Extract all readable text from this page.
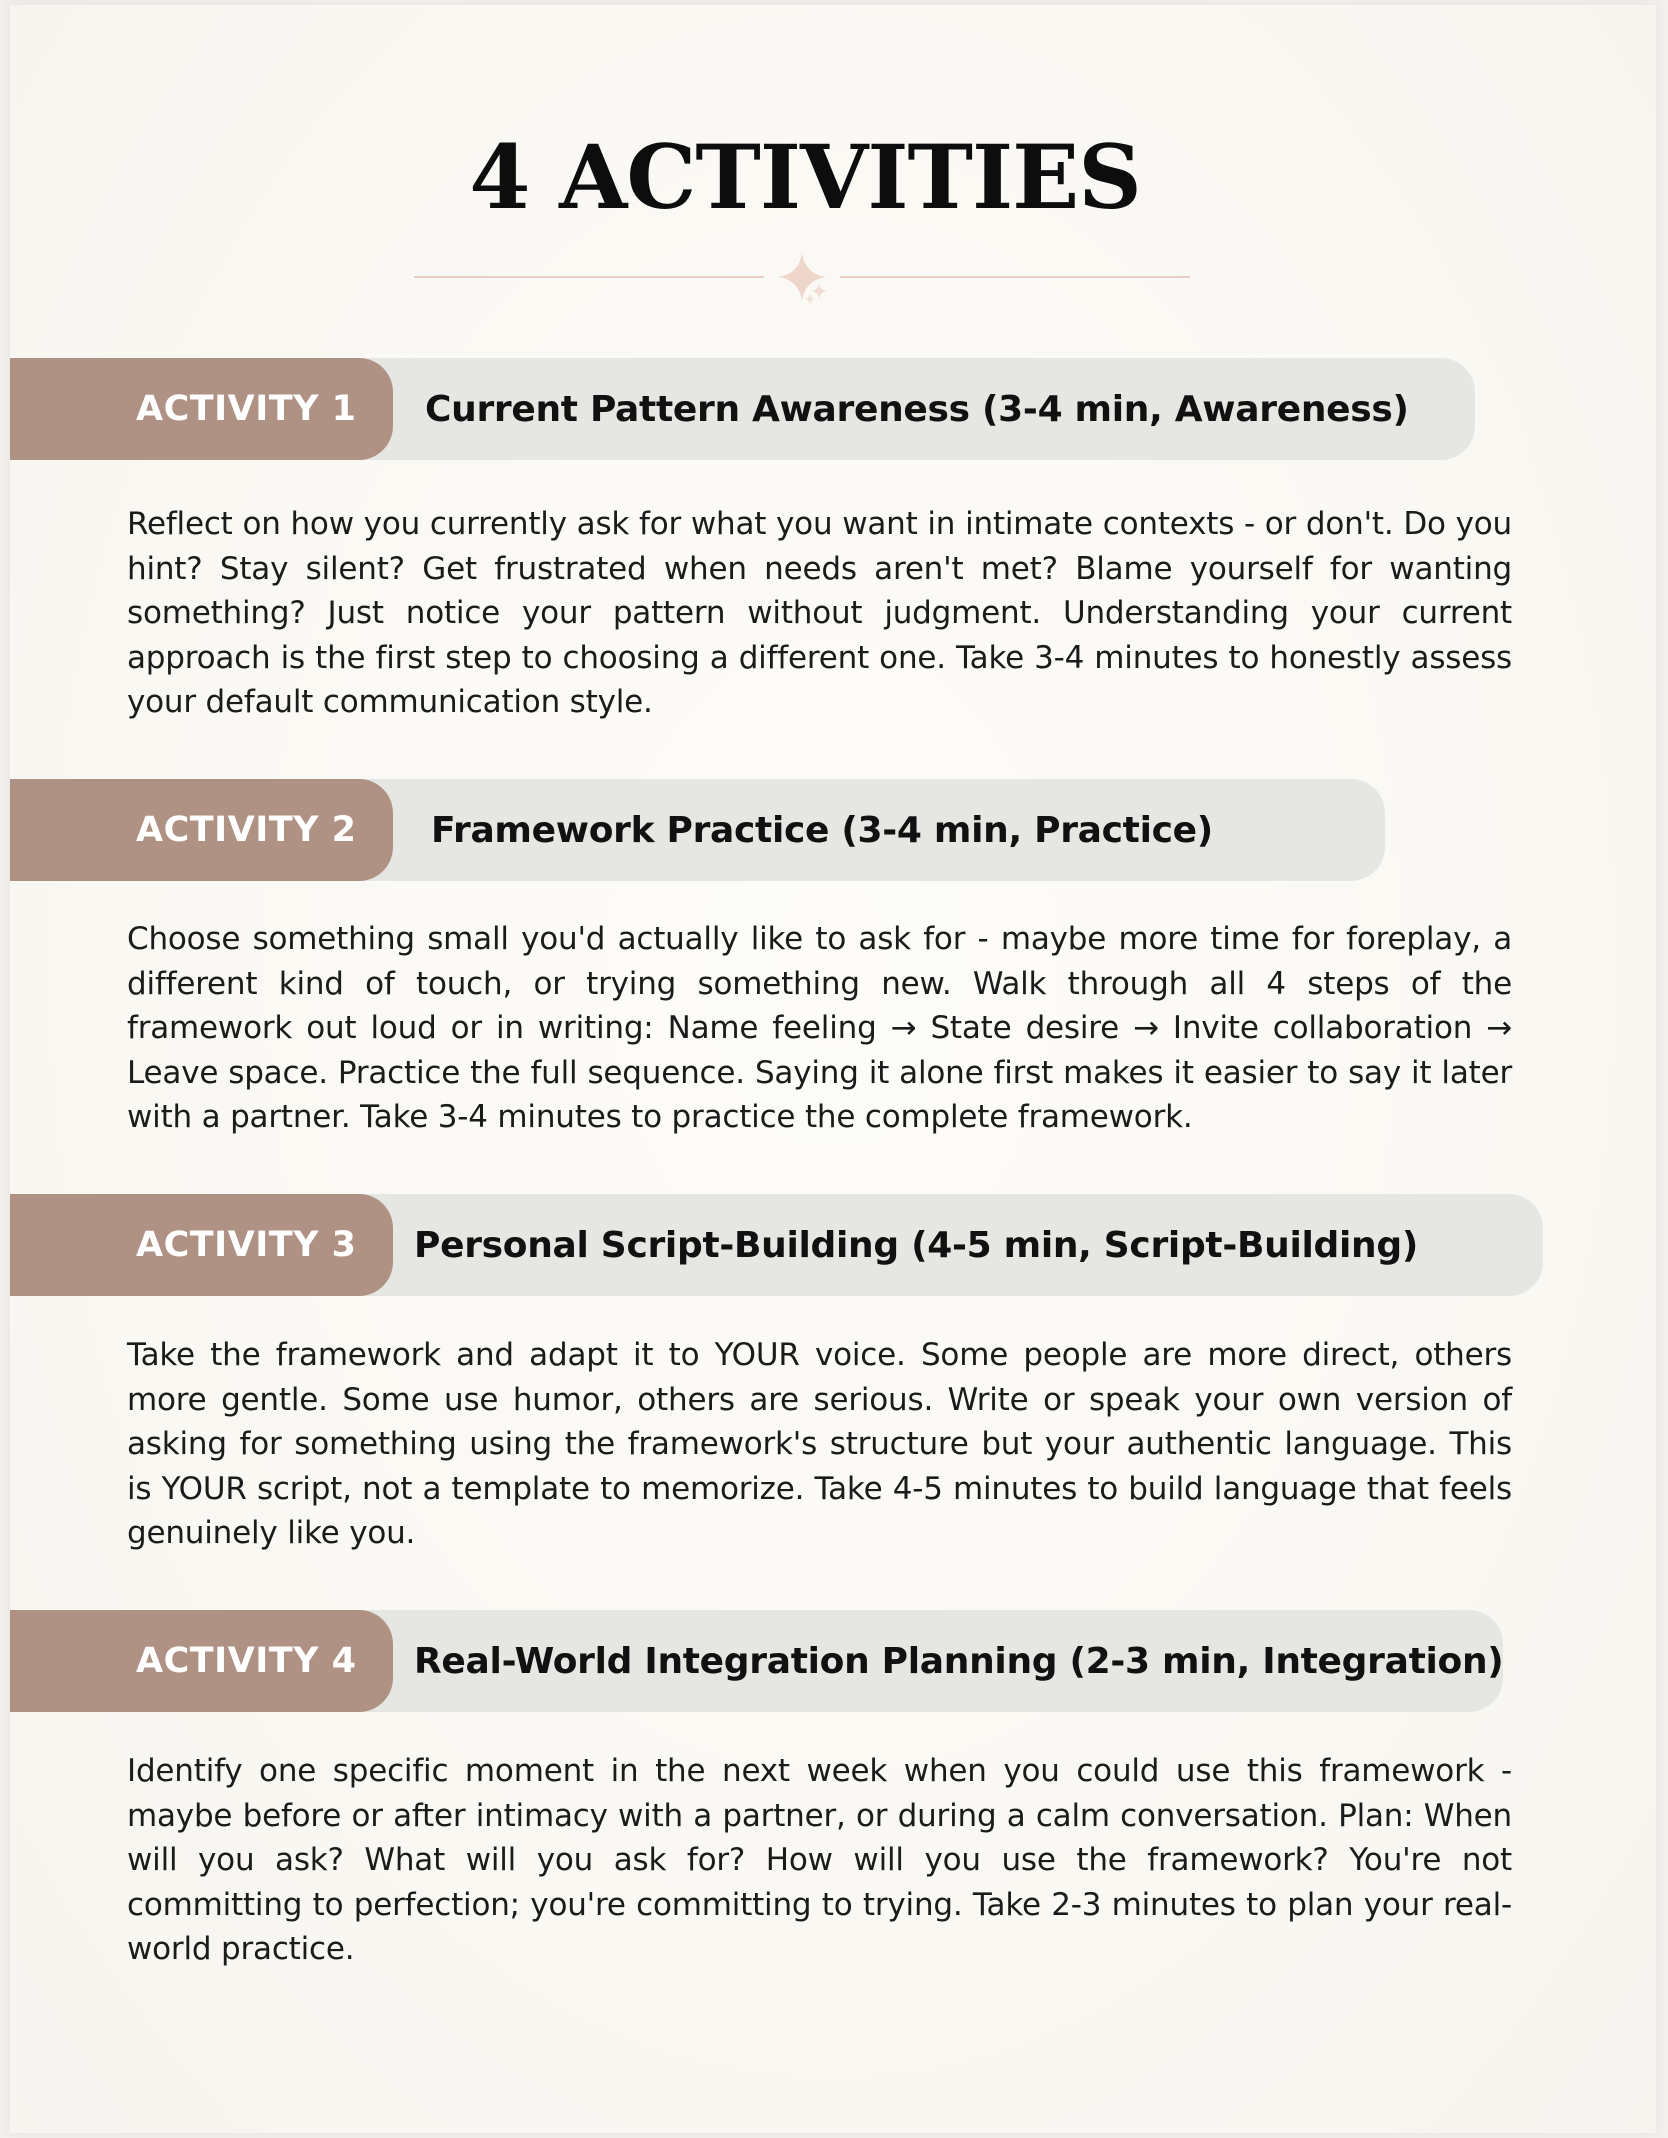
4 ACTIVITIES
ACTIVITY 1 Current Pattern Awareness (3-4 min, Awareness)

Reflect on how you currently ask for what you want in intimate contexts - or don't. Do you hint? Stay silent? Get frustrated when needs aren't met? Blame yourself for wanting something? Just notice your pattern without judgment. Understanding your current approach is the first step to choosing a different one. Take 3-4 minutes to honestly assess your default communication style.

ACTIVITY 2 Framework Practice (3-4 min, Practice)

Choose something small you'd actually like to ask for - maybe more time for foreplay, a different kind of touch, or trying something new. Walk through all 4 steps of the framework out loud or in writing: Name feeling → State desire → Invite collaboration → Leave space. Practice the full sequence. Saying it alone first makes it easier to say it later with a partner. Take 3-4 minutes to practice the complete framework.

ACTIVITY 3 Personal Script-Building (4-5 min, Script-Building)

Take the framework and adapt it to YOUR voice. Some people are more direct, others more gentle. Some use humor, others are serious. Write or speak your own version of asking for something using the framework's structure but your authentic language. This is YOUR script, not a template to memorize. Take 4-5 minutes to build language that feels genuinely like you.

ACTIVITY 4 Real-World Integration Planning (2-3 min, Integration)

Identify one specific moment in the next week when you could use this framework - maybe before or after intimacy with a partner, or during a calm conversation. Plan: When will you ask? What will you ask for? How will you use the framework? You're not committing to perfection; you're committing to trying. Take 2-3 minutes to plan your real-world practice.
